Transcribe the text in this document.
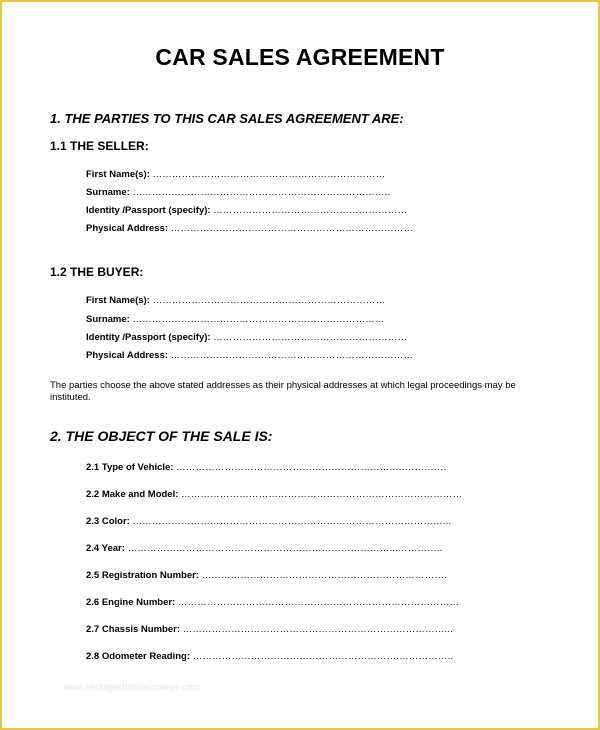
CAR SALES AGREEMENT
1. THE PARTIES TO THIS CAR SALES AGREEMENT ARE:
1.1 THE SELLER:
First Name(s): ………………………………………………………………
Surname: ……………………………………………………………………..
Identity /Passport (specify): ……………………………………………………
Physical Address: …………………………………………………………………
1.2 THE BUYER:
First Name(s): ………………………………………………………………
Surname: ……………………………………………………………………
Identity /Passport (specify): ……………………………………………………
Physical Address: …………………………………………………………………
The parties choose the above stated addresses as their physical addresses at which legal proceedings may be instituted.
2. THE OBJECT OF THE SALE IS:
2.1 Type of Vehicle: …………………………………………………………..…………….
2.2 Make and Model: ……………………………………………………………………………
2.3 Color: ……………………………………………………………………………………...
2.4 Year: ………………………………………………………………………...…………..
2.5 Registration Number: ………………………………………………………………….
2.6 Engine Number: ……………………………………………………………………………
2.7 Chassis Number: ………………………………………………………………………...
2.8 Odometer Reading: ……………………………………………………….……………..
www.heritagechristiancollege.com
